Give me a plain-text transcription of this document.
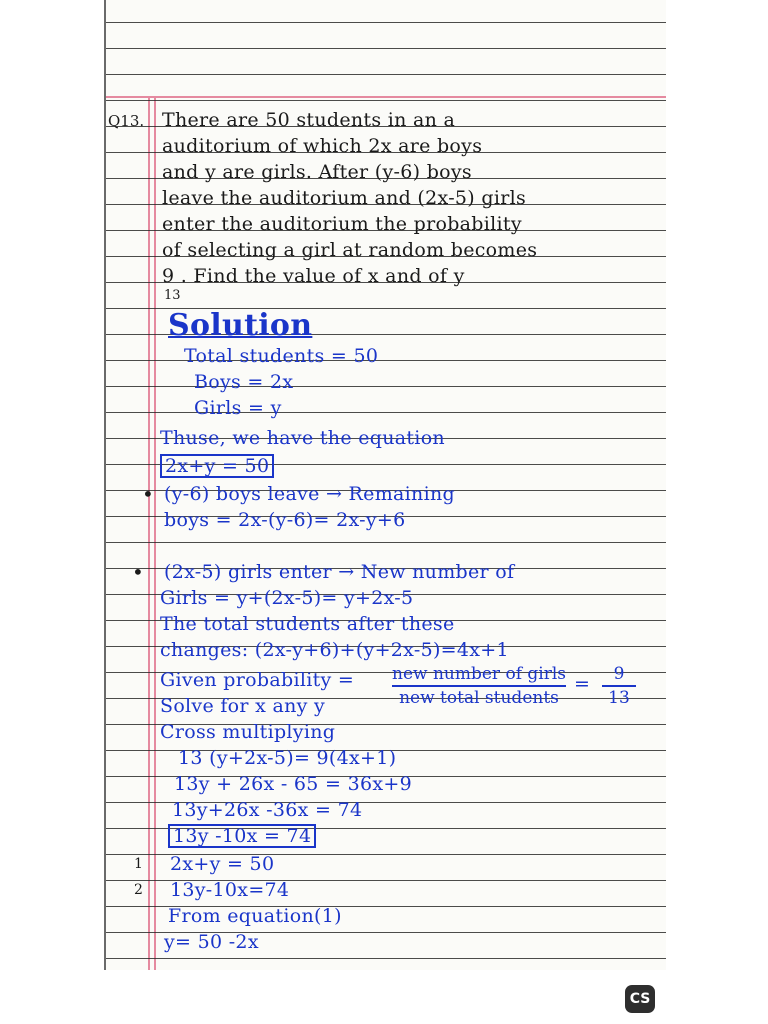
Q13. There are 50 students in an a
auditorium of which 2x are boys
and y are girls. After (y-6) boys
leave the auditorium and (2x-5) girls
enter the auditorium the probability
of selecting a girl at random becomes
9 . Find the value of x and of y
13
Solution
Total students = 50
Boys = 2x
Girls = y
Thuse, we have the equation
2x+y = 50
• (y-6) boys leave → Remaining
boys = 2x-(y-6)= 2x-y+6
• (2x-5) girls enter → New number of
Girls = y+(2x-5)= y+2x-5
The total students after these
changes: (2x-y+6)+(y+2x-5)=4x+1
Given probability = new number of girls
new total students
=	9
13
Solve for x any y
Cross multiplying
13 (y+2x-5)= 9(4x+1)
13y + 26x - 65 = 36x+9
13y+26x -36x = 74
13y -10x = 74
1 2x+y = 50
2 13y-10x=74
From equation(1)
y= 50 -2x
CS
